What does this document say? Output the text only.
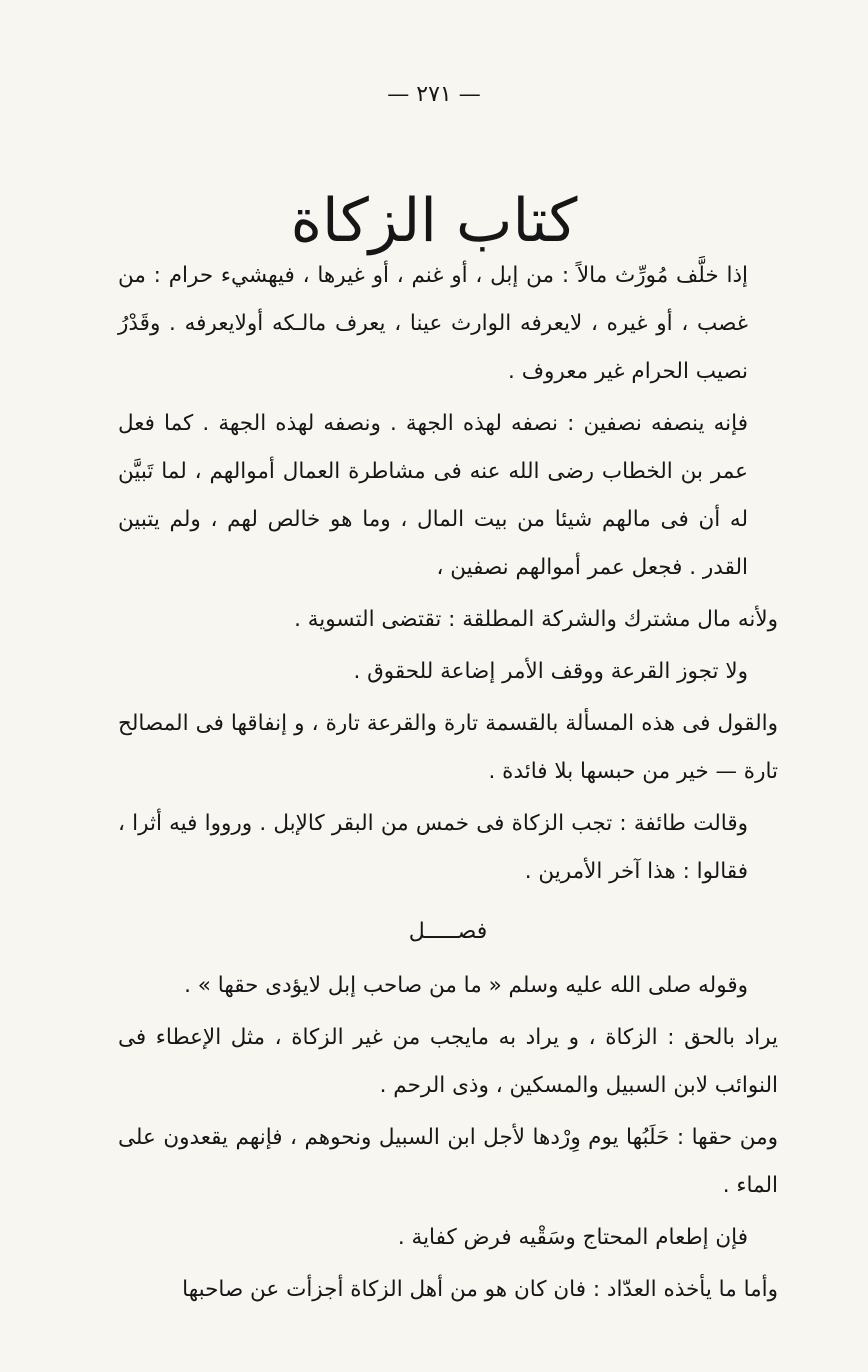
— ٢٧١ —
كتاب الزكاة

إذا خلَّف مُورِّث مالاً : من إبل ، أو غنم ، أو غيرها ، فيهشيء حرام : من غصب ، أو غيره ، لايعرفه الوارث عينا ، يعرف مالـكه أولايعرفه . وقَدْرُ نصيب الحرام غير معروف .

فإنه ينصفه نصفين : نصفه لهذه الجهة . ونصفه لهذه الجهة . كما فعل عمر بن الخطاب رضى الله عنه فى مشاطرة العمال أموالهم ، لما تَبيَّن له أن فى مالهم شيئا من بيت المال ، وما هو خالص لهم ، ولم يتبين القدر . فجعل عمر أموالهم نصفين ،

ولأنه مال مشترك والشركة المطلقة : تقتضى التسوية .

ولا تجوز القرعة ووقف الأمر إضاعة للحقوق .

والقول فى هذه المسألة بالقسمة تارة والقرعة تارة ، و إنفاقها فى المصالح تارة — خير من حبسها بلا فائدة .

وقالت طائفة : تجب الزكاة فى خمس من البقر كالإبل . ورووا فيه أثرا ، فقالوا : هذا آخر الأمرين .

فصـــــل

وقوله صلى الله عليه وسلم « ما من صاحب إبل لايؤدى حقها » .

يراد بالحق : الزكاة ، و يراد به مايجب من غير الزكاة ، مثل الإعطاء فى النوائب لابن السبيل والمسكين ، وذى الرحم .

ومن حقها : حَلَبُها يوم وِرْدها لأجل ابن السبيل ونحوهم ، فإنهم يقعدون على الماء .

فإن إطعام المحتاج وسَقْيه فرض كفاية .

وأما ما يأخذه العدّاد : فان كان هو من أهل الزكاة أجزأت عن صاحبها
